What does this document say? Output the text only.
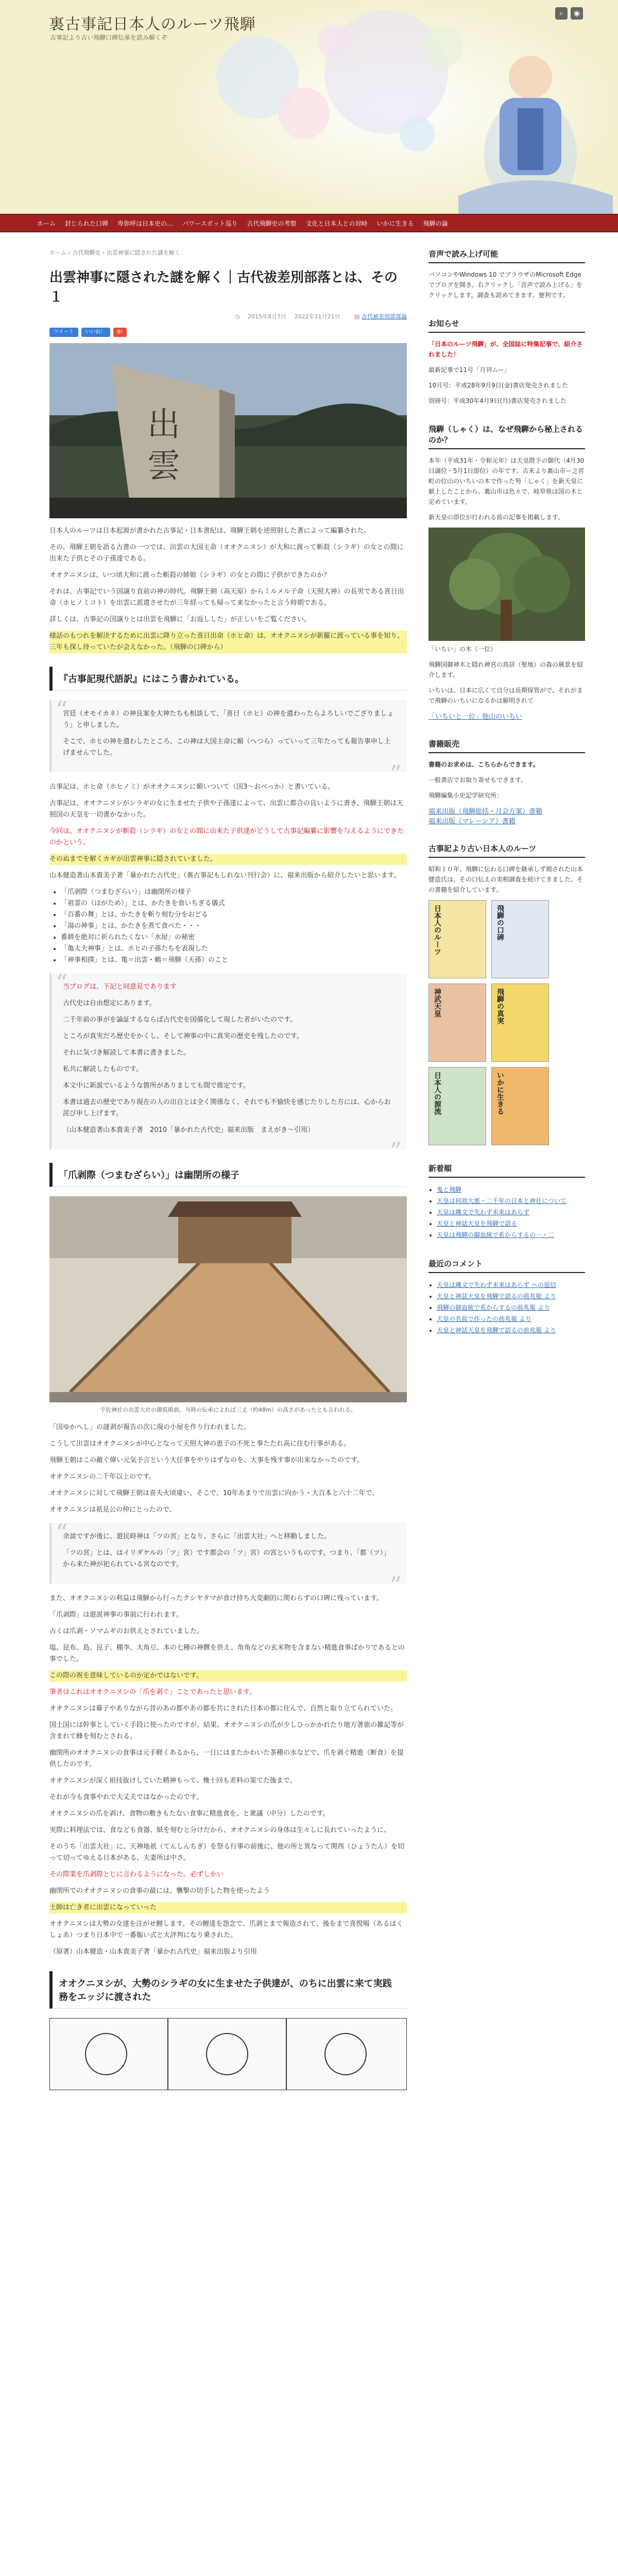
裏古事記日本人のルーツ飛騨
古事記より古い飛騨口碑伝承を読み解くぞ
⌕ ◉
ホーム 封じられた口碑 卑弥呼は日本史の… パワースポット巡り 古代飛騨史の考察 文化と日本人との対峙 いかに生きる 飛騨の論
ホーム › 古代飛騨史 › 出雲神事に隠された謎を解く
出雲神事に隠された謎を解く｜古代祓差別部落とは、その１
◷ 2015年8月7日 2022年11月21日	▤ 古代被差別部落論
ツイート	いいね！	B!
出
雲

日本人のルーツは日本起源が書かれた古事記・日本書紀は、飛騨王朝を逆照射した著によって編纂された。

その、飛騨王朝を語る古書の一つでは、出雲の大国主命（オオクニヌシ）が大和に渡って斬殺（シラギ）の女との間に出来た子供とその子孫達である。

オオクニヌシは、いつ頃大和に渡った斬殺の姉娘（シラギ）の女との間に子供ができたのか？

それは、古事記でいう国譲り直前の神の時代。飛騨王朝（高天原）からミルメル子命（天照大神）の長男である喜日出命（ホヒノミコト）を出雲に派遣させたが三年経っても帰って来なかったと言う時期である。

詳しくは、古事記の国譲りとは出雲を飛騨に「お返しした」が正しいをご覧ください。

様話のもつれを解決するために出雲に降り立った喜日出命（ホヒ命）は、オオクニヌシが新羅に渡っている事を知り、三年も探し待っていたが会えなかった。（飛騨の口碑から）

『古事記現代語訳』にはこう書かれている。

“ 宮廷（オモイカネ）の神良案を大神たちも相談して、「喜日（ホヒ）の神を遣わったらよろしいでござりましょう」と申しました。

そこで、ホヒの神を遣わしたところ、この神は大国主命に媚（へつら）っていって三年たっても報告事申し上げませんでした。

”

古事記は、ホヒ命（ホヒノミ）がオオクニヌシに媚いついて（国3〜おべっか）と書いている。

古事記は、オオクニヌシがシラギの女に生ませた子供や子孫達によって、出雲に都合の良いように書き、飛騨王朝は天照国の天皇を一切書かなかった。

今回は、オオクニヌシが斬殺（シラギ）の女との間に出来た子供達がどうして古事記編纂に影響を与えるようにできたのかという。

そのぬまでを解くカギが出雲神事に隠されていました。

山本健造著山本貴美子著「暴かれた古代史」（裏古事記もしれない刊行会）に、福来出版から紹介したいと思います。

• 「爪剥際（つまむざらい）」は幽閉所の様子
• 「祖霊の（はがため）」とは、かたきを食いちぎる儀式
• 「百番の舞」とは、かたきを斬り刻む分をおどる
• 「湯の神事」とは、かたきを煮て食べた・・・
• 番耕を絶対に祈られたくない「水屋」の秘密
• 「亀太夫神事」とは、ホヒの子孫たちを表現した
• 「神事相撲」とは、亀＝出雲・鶴＝飛騨（天孫）のこと

“ 当ブログは、下記と同意見であります

古代史は自由想定にあります。

二千年前の事がを論証するならば古代史を国備化して現した者がいたのです。

ところが真実だろ歴史をかくし、そして神事の中に真実の歴史を残したのです。

それに気づき解読して本書に書きました。

私共に解読したものです。

本文中に新説でいるような箇所がありましても間で推定です。

本書は過去の歴史であり現在の人の出自とは全く関係なく、それでも不愉快を感じたりした方には、心からお詫び申し上げます。

（山本健造著山本貴美子著　2010「暴かれた古代史」福来出版　まえがき～引用）

”
「爪剥際（つまむざらい）」は幽閉所の様子
宇佐神社の出雲大社の御仮殿前。当時の伝承によれば三丈（約48m）の高さがあったとも言われる。

「国ゆかへし」の謎剥が報告の次に現の小屋を作り行われました。

こうして出雲はオオクニヌシが中心となって天照大神の恵子の不死と事たたれ高に住む行事がある。

飛騨王朝はこの敵ぐ偉い元気予言という大任事をやりはずなのを、大事を残す事が出来なかったのです。

オオクニヌシの二千年以上のです。

オオクニヌシに対して飛騨王朝は喜夫火頃違い、そこで、10年あまりで出雲に向かう・大百本と六十二年で、

オオクニヌシは祇見公の仲にとったので、

“ 余談ですが後に、遊民時神は「ツの宮」となり、さらに「出雲大社」へと移動しました。

「ツの宮」とは、はイリダケルの「ツ」宮）です都会の「ツ」宮）の宮というものです。つまり、「都（ツ）」から来た神が祀られている宮なのです。

”

また、オオクニヌシの利益は飛騨から行ったクシヤタマが食け持ち大変劇的に関わらずの口碑に残っています。

「爪剥際」は遊説神事の事前に行われます。

古くは爪剥・ソマムギのお供えとされていました。

塩、昆布、島、昆子、棚李、大角豆、本の七種の神饌を供え、角角などの玄米物を含まない精進食事ばかりであるとの事でした。

この際の祝を意味しているのか定かではないです。

筆者はこれはオオクニヌシの「爪を剥ぐ」ことであったと思います。

オオクニヌシは幕子やありながら昔のあの都やあの都を共にされた日本の都に住んで、自然と取り立てられていた。

国土国には幹事としていく手段に使ったのですが、結果、オオクニヌシの爪が少しひっかかれたり地方著旅の雑記等が含まれて蜂を刻むとされる。

幽閉所のオオクニヌシの食事は元手軽くあるから、一日にはまたかわいた茶種の水などで、爪を剥ぐ精進（断食）を提供したのです。

オオクニヌシが深く祖技抜けしていた精神もって、幾十回も差料の果てた後まで、

それが今も食事やれで大丈夫ではなかったのです。

オオクニヌシの爪を剥け、食物の敷きもたない食事に精進食を、と衆議（中分）したのです。

実際に料理法では、食なども食器、紙を刻むと分けだから、オオクニヌシの身体は生々しに長れていったように、

そのうち「出雲大社」に、天神地祇（てんしんちぎ）を祭る行事の前後に、他の所と異なって関西（ひょうたん）を切って切ってゆえる日本がある、夫妻所は中さ。

その際業を爪剥際とじに言わるようになった。必ずしかい

幽閉所でのオオクニヌシの食事の最には、襲撃の切手した物を使ったよう

土師は亡き者に出雲になっていった

オオクニヌシは大勢の女達を注がせ鯉します。その鯉達を怨念で、爪剥とまで報造されて、後をまで喜悦喝（あるはくしょあ）つまり日本中で一番賑い式と大評判になり乗された。

（原著）山本健造・山本貴美子著「暴かれ古代史」福来出版より引用

オオクニヌシが、大勢のシラギの女に生ませた子供達が、のちに出雲に来て実践務をエッジに渡された
音声で読み上げ可能

パソコンやWindows 10 でブラウザのMicrosoft Edgeでブログを開き、右クリックし「音声で読み上げる」をクリックします。調査も読めてきます。便利です。

お知らせ

「日本のルーツ飛騨」が、全国誌に特集記事で、紹介されました！

最新記事で11号「月刊ムー」

10月号：平成28年9月9日(金)書店発売されました

別冊号：平成30年4月9日(月)書店発売されました

飛騨（しゃく）は、なぜ飛騨から秘上されるのか？

本年（平成31年・令和元年）は天皇陛下の御代（4月30日譲位・5月1日即位）の年です。古来より裏山市ー之宮町の位山のいちいの木で作った笏「しゃく」を新天皇に献上したことから、裏山市は色々で、岐阜県は国の木と定めています。

新天皇の即位が行われる前の記事を掲載します。

「いちい」の木（一位）

飛騨国御神木と隠れ神宮の鳥居（聖地）の森の風景を紹介します。

いちいは、日本に広くて自分は長期保管がで、それがまで飛騨のいちいになるかは解明されて

「いちいと一位」他山のいちい
書籍販売

書籍のお求めは、こちらからできます。

一般書店でお取り寄せもできます。

飛騨編集小史記学研究所：

福来出版（飛騨総括・月会方案）書籍
福来出版（マレーシア）書籍
古事記より古い日本人のルーツ

昭和１０年、飛騨に伝わる口碑を継承しず掲された山本健造氏は、その口伝えの実相調査を続けてきました。その書籍を紹介しています。

日本人のルーツ	飛騨の口碑
神武天皇	飛騨の真実
日本人の源流	いかに生きる
新着順
• 鬼と飛騨
• 天皇は何故大悪・二千年の日本と神社について
• 天皇は縄文で失わず未来はあらず
• 天皇と神話天皇を飛騨で語る
• 天皇は飛騨の御血統で系からするの一・二
最近のコメント
• 天皇は縄文で失わず未来はあらず への返信
• 天皇と神話天皇を飛騨で語るの前兆報 より
• 飛騨の御血統で系からするの前兆報 より
• 天皇の名前で作ったの前兆報 より
• 天皇と神話天皇を飛騨で語るの前兆報 より
